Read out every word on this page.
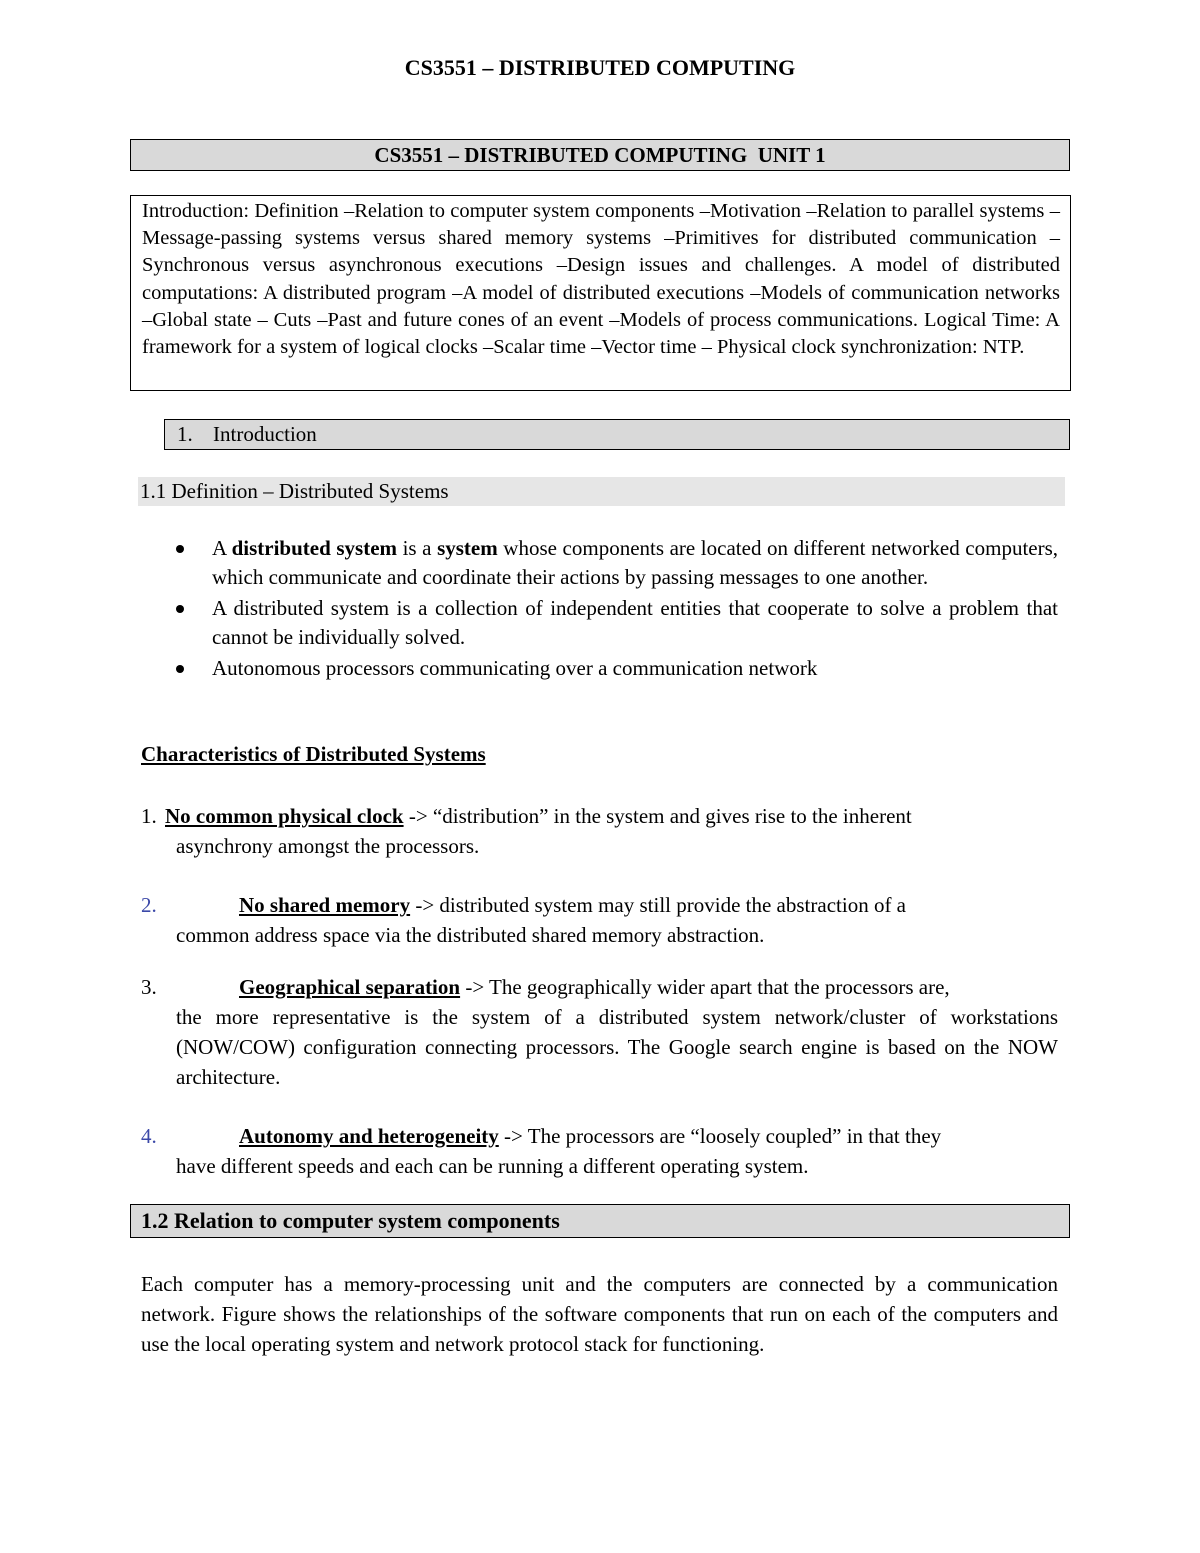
CS3551 – DISTRIBUTED COMPUTING
CS3551 – DISTRIBUTED COMPUTING  UNIT 1
Introduction: Definition –Relation to computer system components –Motivation –Relation to parallel systems – Message-passing systems versus shared memory systems –Primitives for distributed communication –Synchronous versus asynchronous executions –Design issues and challenges. A model of distributed computations: A distributed program –A model of distributed executions –Models of communication networks –Global state – Cuts –Past and future cones of an event –Models of process communications. Logical Time: A framework for a system of logical clocks –Scalar time –Vector time – Physical clock synchronization: NTP.
1. Introduction
1.1 Definition – Distributed Systems
A distributed system is a system whose components are located on different networked computers, which communicate and coordinate their actions by passing messages to one another.
A distributed system is a collection of independent entities that cooperate to solve a problem that cannot be individually solved.
Autonomous processors communicating over a communication network
Characteristics of Distributed Systems
1. No common physical clock -> “distribution” in the system and gives rise to the inherent
asynchrony amongst the processors.
2.	No shared memory -> distributed system may still provide the abstraction of a
common address space via the distributed shared memory abstraction.
3.	Geographical separation -> The geographically wider apart that the processors are,
the more representative is the system of a distributed system network/cluster of workstations (NOW/COW) configuration connecting processors. The Google search engine is based on the NOW architecture.
4.	Autonomy and heterogeneity -> The processors are “loosely coupled” in that they
have different speeds and each can be running a different operating system.
1.2 Relation to computer system components
Each computer has a memory-processing unit and the computers are connected by a communication network. Figure shows the relationships of the software components that run on each of the computers and use the local operating system and network protocol stack for functioning.
